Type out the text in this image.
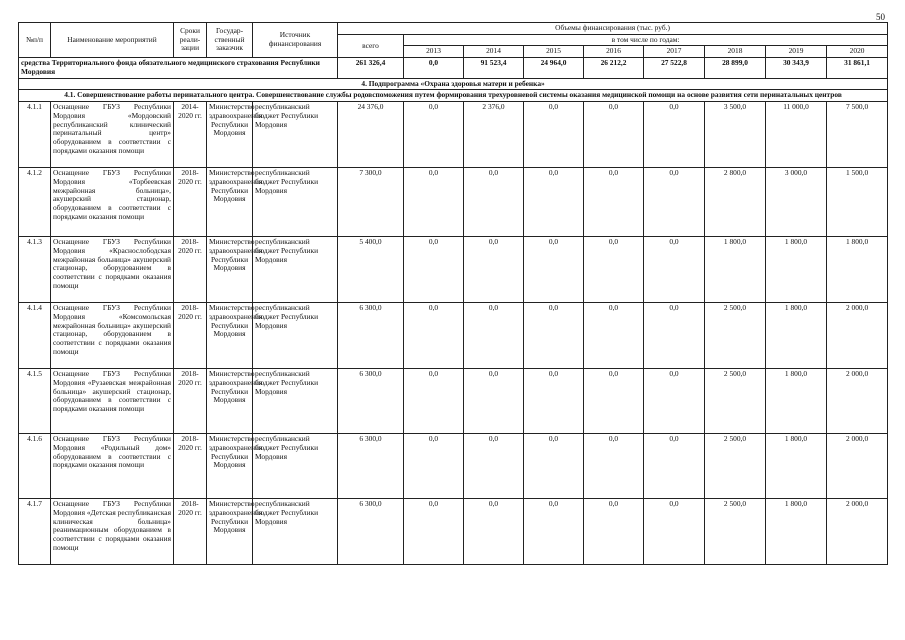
50
№п/п	Наименование мероприятий	Сроки реали-зации	Государ-ственный заказчик	Источник финансирования	Объемы финансирования (тыс. руб.)								
					всего	в том числе по годам:							
						2013	2014	2015	2016	2017	2018	2019	2020
средства Территориального фонда обязательного медицинского страхования Республики Мордовия					261 326,4	0,0	91 523,4	24 964,0	26 212,2	27 522,8	28 899,0	30 343,9	31 861,1
4. Подпрограмма «Охрана здоровья матери и ребенка»													
4.1. Совершенствование работы перинатального центра. Совершенствование службы родовспоможения путем формирования трехуровневой системы оказания медицинской помощи на основе развития сети перинатальных центров													
4.1.1	Оснащение ГБУЗ Республики Мордовия «Мордовский республиканский клинический перинатальный центр» оборудованием в соответствии с порядками оказания помощи	2014-2020 гг.	Министерство здравоохранения Республики Мордовия	республиканский бюджет Республики Мордовия	24 376,0	0,0	2 376,0	0,0	0,0	0,0	3 500,0	11 000,0	7 500,0
4.1.2	Оснащение ГБУЗ Республики Мордовия «Торбеевская межрайонная больница», акушерский стационар, оборудованием в соответствии с порядками оказания помощи	2018-2020 гг.	Министерство здравоохранения Республики Мордовия	республиканский бюджет Республики Мордовия	7 300,0	0,0	0,0	0,0	0,0	0,0	2 800,0	3 000,0	1 500,0
4.1.3	Оснащение ГБУЗ Республики Мордовия «Краснослободская межрайонная больница» акушерский стационар, оборудованием в соответствии с порядками оказания помощи	2018-2020 гг.	Министерство здравоохранения Республики Мордовия	республиканский бюджет Республики Мордовия	5 400,0	0,0	0,0	0,0	0,0	0,0	1 800,0	1 800,0	1 800,0
4.1.4	Оснащение ГБУЗ Республики Мордовия «Комсомольская межрайонная больница» акушерский стационар, оборудованием в соответствии с порядками оказания помощи	2018-2020 гг.	Министерство здравоохранения Республики Мордовия	республиканский бюджет Республики Мордовия	6 300,0	0,0	0,0	0,0	0,0	0,0	2 500,0	1 800,0	2 000,0
4.1.5	Оснащение ГБУЗ Республики Мордовия «Рузаевская межрайонная больница» акушерский стационар, оборудованием в соответствии с порядками оказания помощи	2018-2020 гг.	Министерство здравоохранения Республики Мордовия	республиканский бюджет Республики Мордовия	6 300,0	0,0	0,0	0,0	0,0	0,0	2 500,0	1 800,0	2 000,0
4.1.6	Оснащение ГБУЗ Республики Мордовия «Родильный дом» оборудованием в соответствии с порядками оказания помощи	2018-2020 гг.	Министерство здравоохранения Республики Мордовия	республиканский бюджет Республики Мордовия	6 300,0	0,0	0,0	0,0	0,0	0,0	2 500,0	1 800,0	2 000,0
4.1.7	Оснащение ГБУЗ Республики Мордовия «Детская республиканская клиническая больница» реанимационным оборудованием в соответствии с порядками оказания помощи	2018-2020 гг.	Министерство здравоохранения Республики Мордовия	республиканский бюджет Республики Мордовия	6 300,0	0,0	0,0	0,0	0,0	0,0	2 500,0	1 800,0	2 000,0
